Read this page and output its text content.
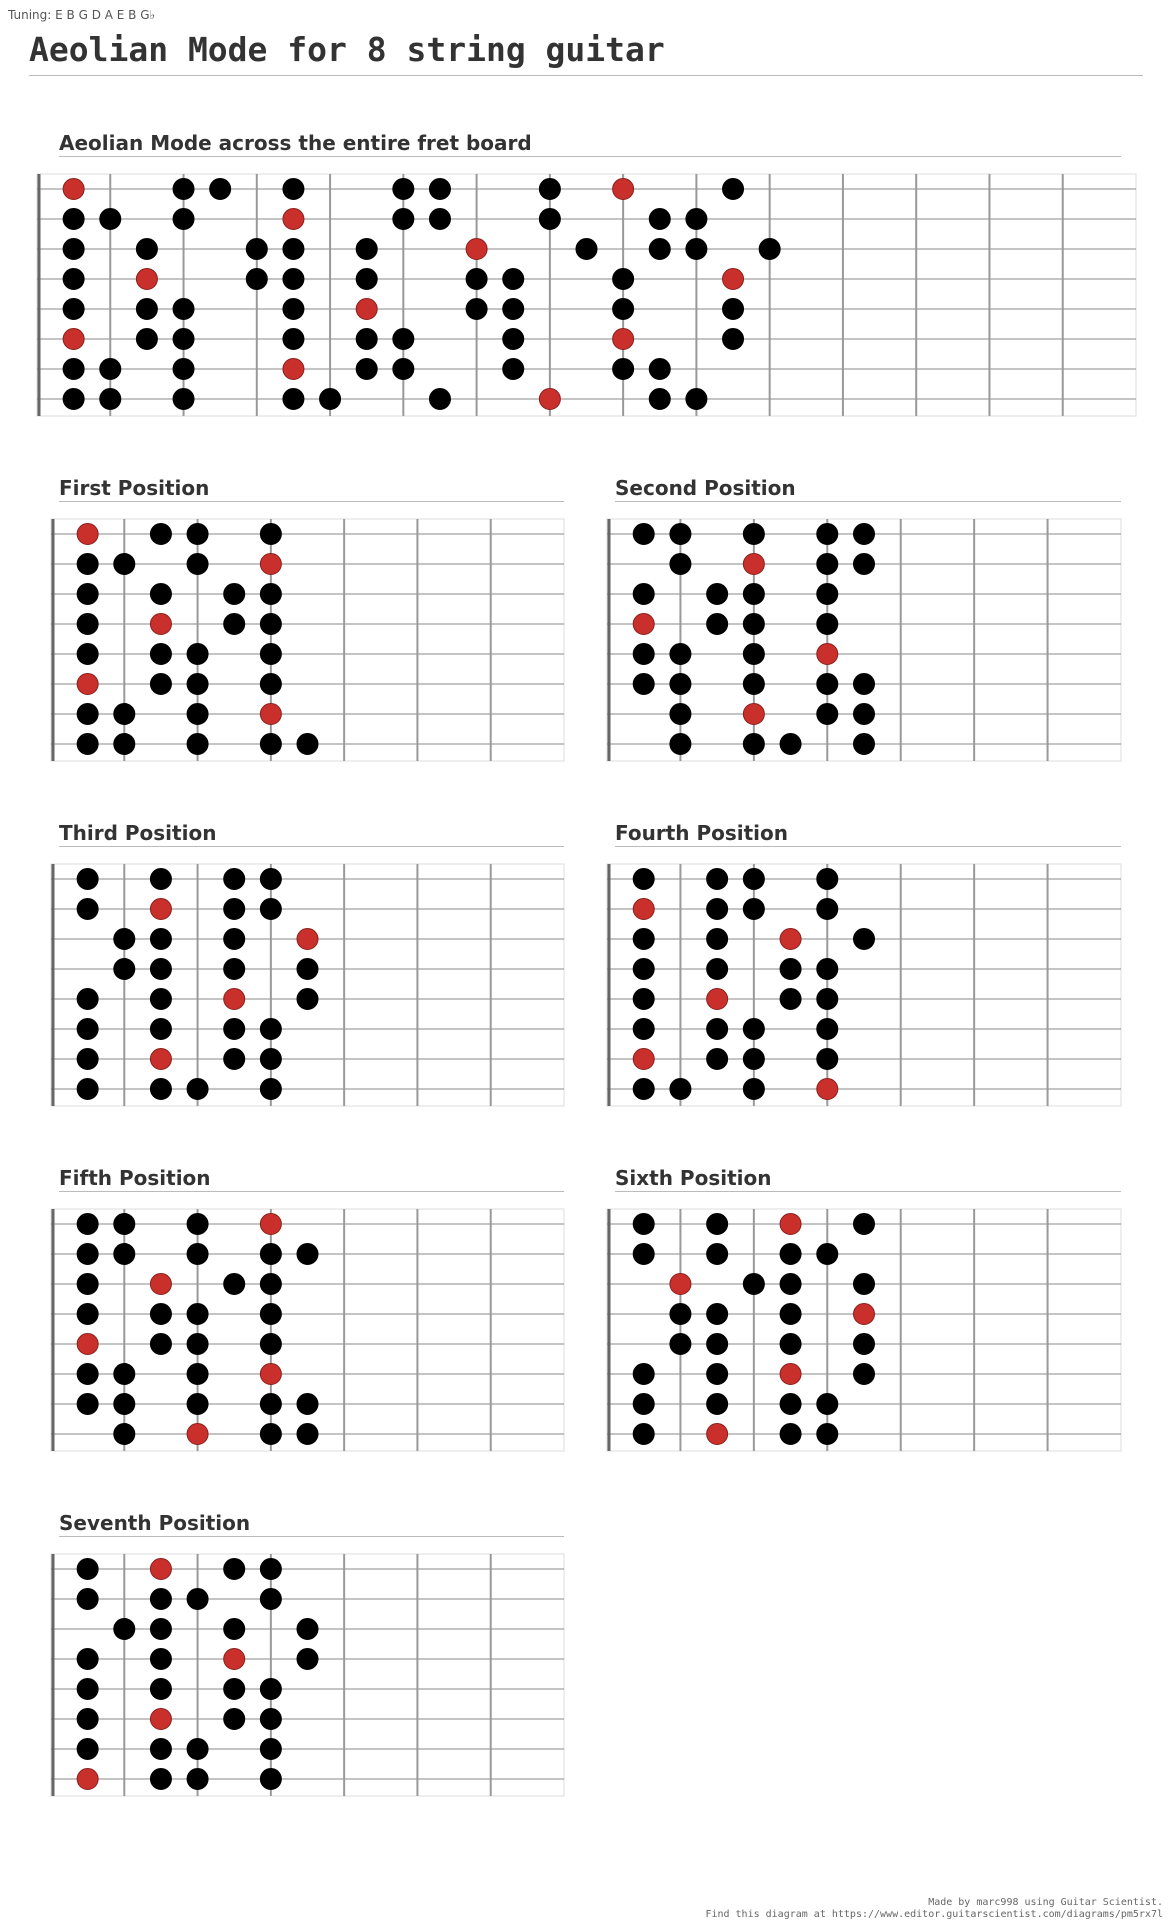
Tuning: E B G D A E B G♭
Aeolian Mode for 8 string guitar
Aeolian Mode across the entire fret board
First Position	Second Position
Third Position	Fourth Position
Fifth Position	Sixth Position
Seventh Position
Made by marc998 using Guitar Scientist.
Find this diagram at https://www.editor.guitarscientist.com/diagrams/pm5rx7l
